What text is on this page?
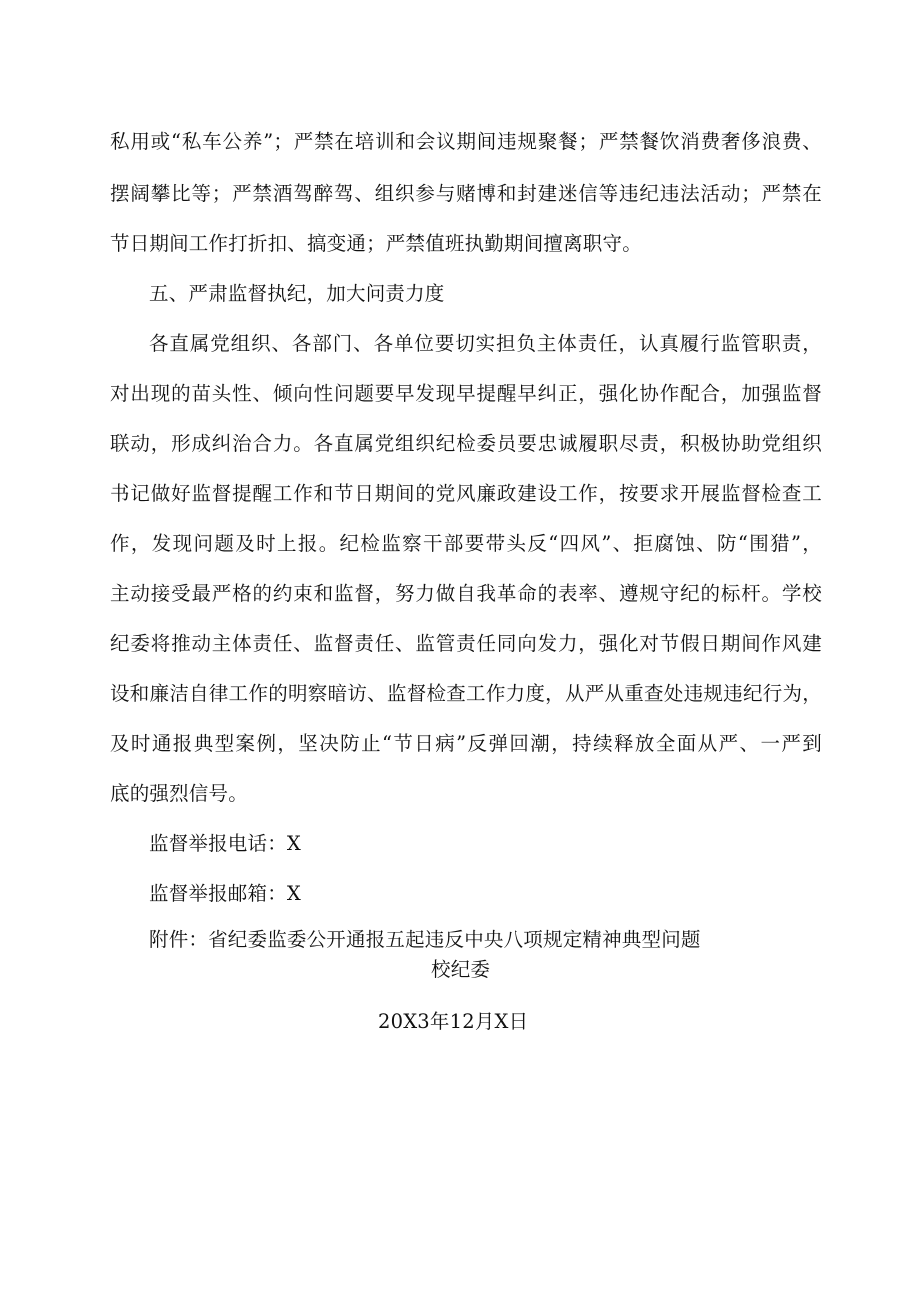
私用或“私车公养”；严禁在培训和会议期间违规聚餐；严禁餐饮消费奢侈浪费、
摆阔攀比等；严禁酒驾醉驾、组织参与赌博和封建迷信等违纪违法活动；严禁在
节日期间工作打折扣、搞变通；严禁值班执勤期间擅离职守。
五、严肃监督执纪，加大问责力度
各直属党组织、各部门、各单位要切实担负主体责任，认真履行监管职责，
对出现的苗头性、倾向性问题要早发现早提醒早纠正，强化协作配合，加强监督
联动，形成纠治合力。各直属党组织纪检委员要忠诚履职尽责，积极协助党组织
书记做好监督提醒工作和节日期间的党风廉政建设工作，按要求开展监督检查工
作，发现问题及时上报。纪检监察干部要带头反“四风”、拒腐蚀、防“围猎”，
主动接受最严格的约束和监督，努力做自我革命的表率、遵规守纪的标杆。学校
纪委将推动主体责任、监督责任、监管责任同向发力，强化对节假日期间作风建
设和廉洁自律工作的明察暗访、监督检查工作力度，从严从重查处违规违纪行为，
及时通报典型案例，坚决防止“节日病”反弹回潮，持续释放全面从严、一严到
底的强烈信号。
监督举报电话：X
监督举报邮箱：X
附件：省纪委监委公开通报五起违反中央八项规定精神典型问题
校纪委
20X3年12月X日
